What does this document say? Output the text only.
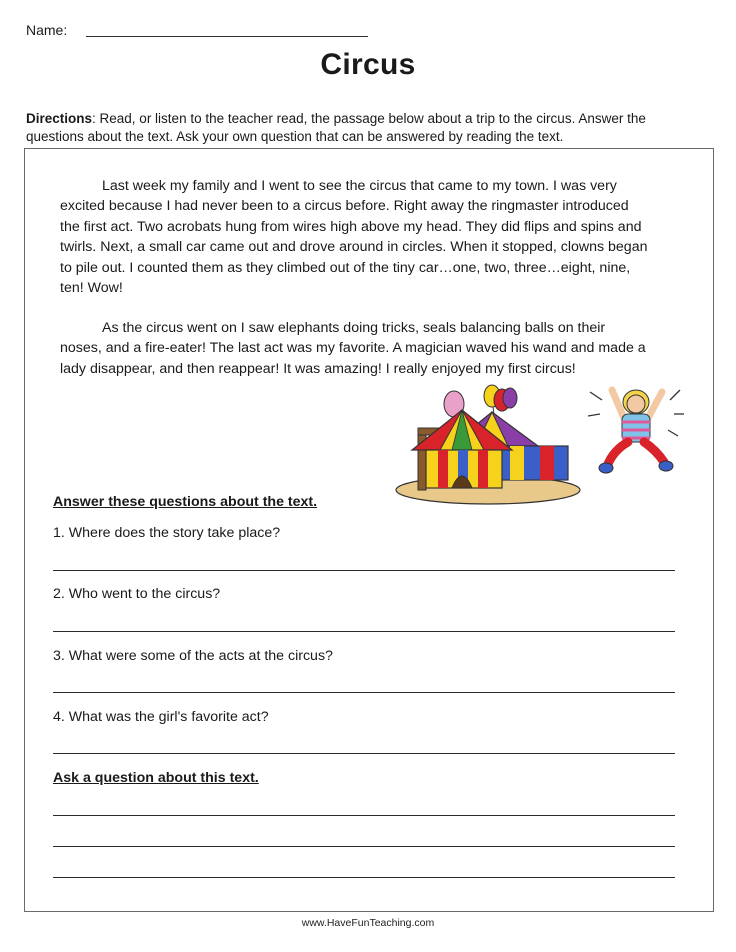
Name:
Circus
Directions: Read, or listen to the teacher read, the passage below about a trip to the circus. Answer the questions about the text. Ask your own question that can be answered by reading the text.
Last week my family and I went to see the circus that came to my town. I was very excited because I had never been to a circus before. Right away the ringmaster introduced the first act. Two acrobats hung from wires high above my head. They did flips and spins and twirls. Next, a small car came out and drove around in circles. When it stopped, clowns began to pile out. I counted them as they climbed out of the tiny car…one, two, three…eight, nine, ten! Wow!
As the circus went on I saw elephants doing tricks, seals balancing balls on their noses, and a fire-eater! The last act was my favorite. A magician waved his wand and made a lady disappear, and then reappear! It was amazing! I really enjoyed my first circus!
Answer these questions about the text.
1. Where does the story take place?
2. Who went to the circus?
3. What were some of the acts at the circus?
4. What was the girl's favorite act?
Ask a question about this text.
www.HaveFunTeaching.com
